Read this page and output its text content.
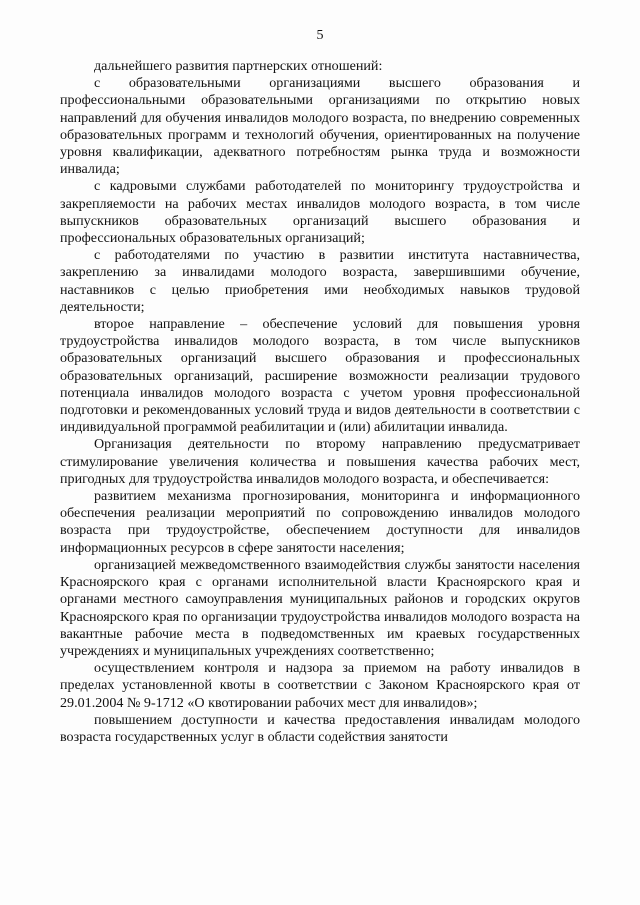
5

дальнейшего развития партнерских отношений:

с образовательными организациями высшего образования и профессиональными образовательными организациями по открытию новых направлений для обучения инвалидов молодого возраста, по внедрению современных образовательных программ и технологий обучения, ориентированных на получение уровня квалификации, адекватного потребностям рынка труда и возможности инвалида;

с кадровыми службами работодателей по мониторингу трудоустройства и закрепляемости на рабочих местах инвалидов молодого возраста, в том числе выпускников образовательных организаций высшего образования и профессиональных образовательных организаций;

с работодателями по участию в развитии института наставничества, закреплению за инвалидами молодого возраста, завершившими обучение, наставников с целью приобретения ими необходимых навыков трудовой деятельности;

второе направление – обеспечение условий для повышения уровня трудоустройства инвалидов молодого возраста, в том числе выпускников образовательных организаций высшего образования и профессиональных образовательных организаций, расширение возможности реализации трудового потенциала инвалидов молодого возраста с учетом уровня профессиональной подготовки и рекомендованных условий труда и видов деятельности в соответствии с индивидуальной программой реабилитации и (или) абилитации инвалида.

Организация деятельности по второму направлению предусматривает стимулирование увеличения количества и повышения качества рабочих мест, пригодных для трудоустройства инвалидов молодого возраста, и обеспечивается:

развитием механизма прогнозирования, мониторинга и информационного обеспечения реализации мероприятий по сопровождению инвалидов молодого возраста при трудоустройстве, обеспечением доступности для инвалидов информационных ресурсов в сфере занятости населения;

организацией межведомственного взаимодействия службы занятости населения Красноярского края с органами исполнительной власти Красноярского края и органами местного самоуправления муниципальных районов и городских округов Красноярского края по организации трудоустройства инвалидов молодого возраста на вакантные рабочие места в подведомственных им краевых государственных учреждениях и муниципальных учреждениях соответственно;

осуществлением контроля и надзора за приемом на работу инвалидов в пределах установленной квоты в соответствии с Законом Красноярского края от 29.01.2004 № 9-1712 «О квотировании рабочих мест для инвалидов»;

повышением доступности и качества предоставления инвалидам молодого возраста государственных услуг в области содействия занятости
